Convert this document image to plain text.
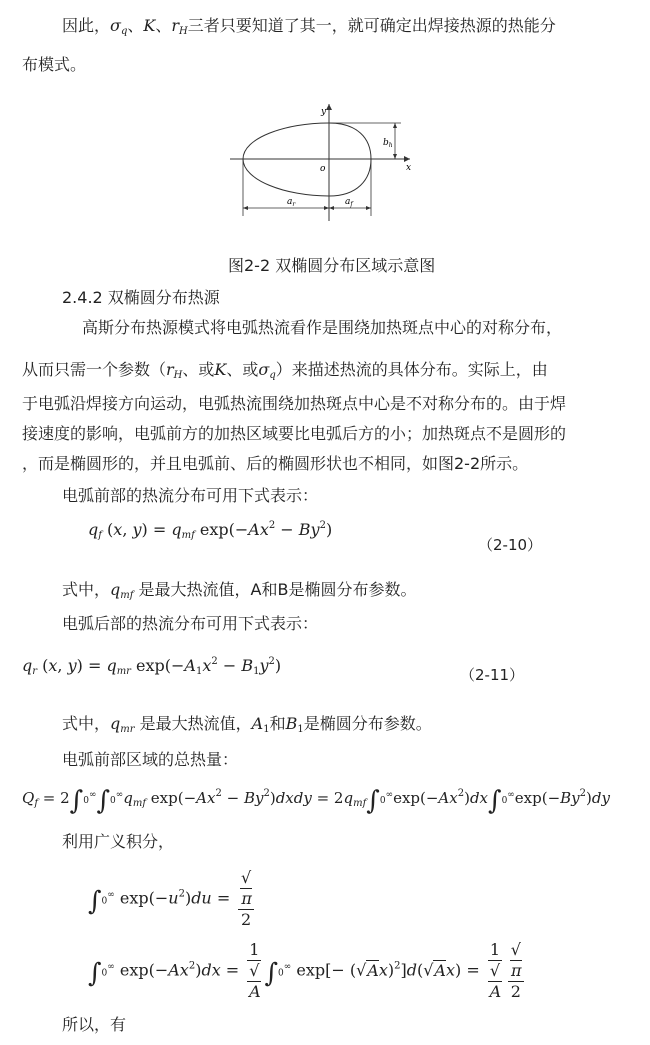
因此，$\sigma_q$、K、$r_H$三者只要知道了其一，就可确定出焊接热源的热能分
布模式。
y
x
o
$b_h$
$a_r$	$a_f$
图2-2 双椭圆分布区域示意图
2.4.2 双椭圆分布热源
高斯分布热源模式将电弧热流看作是围绕加热斑点中心的对称分布，
从而只需一个参数（$r_H$、或K、或$\sigma_q$）来描述热流的具体分布。实际上，由
于电弧沿焊接方向运动，电弧热流围绕加热斑点中心是不对称分布的。由于焊
接速度的影响，电弧前方的加热区域要比电弧后方的小；加热斑点不是圆形的
，而是椭圆形的，并且电弧前、后的椭圆形状也不相同，如图2-2所示。
电弧前部的热流分布可用下式表示：
$q_f$ (x, $y) = q_{mf}$ $\exp(-Ax^2 - By^2)$
（2-10）
式中，$q_{mf}$ 是最大热流值，A和B是椭圆分布参数。
电弧后部的热流分布可用下式表示：
$q_r$ (x, $y) = q_{mr}$ $\exp(-A_1x^2 - B_1y^2)$	（2-11）
式中，$q_{mr}$ 是最大热流值，$A_1$和$B_1$是椭圆分布参数。
电弧前部区域的总热量：
$Q_f = 2\int 0^\infty\int 0^\infty q_{mf}$ $\exp(-Ax^2$ − $By^2)dxdy = 2q_{mf}\int 0^\infty\exp(-Ax^2)dx\int 0^\infty\exp(-By^2)dy$
利用广义积分，
∫0∞ $\exp(-u^2)du$ = √
π
2
∫0∞ $\exp(-Ax^2)dx = 1$
√
A ∫0∞ $\exp[- (√Ax)^2]d(√Ax) = 1$
√
A √
π
2
所以，有
